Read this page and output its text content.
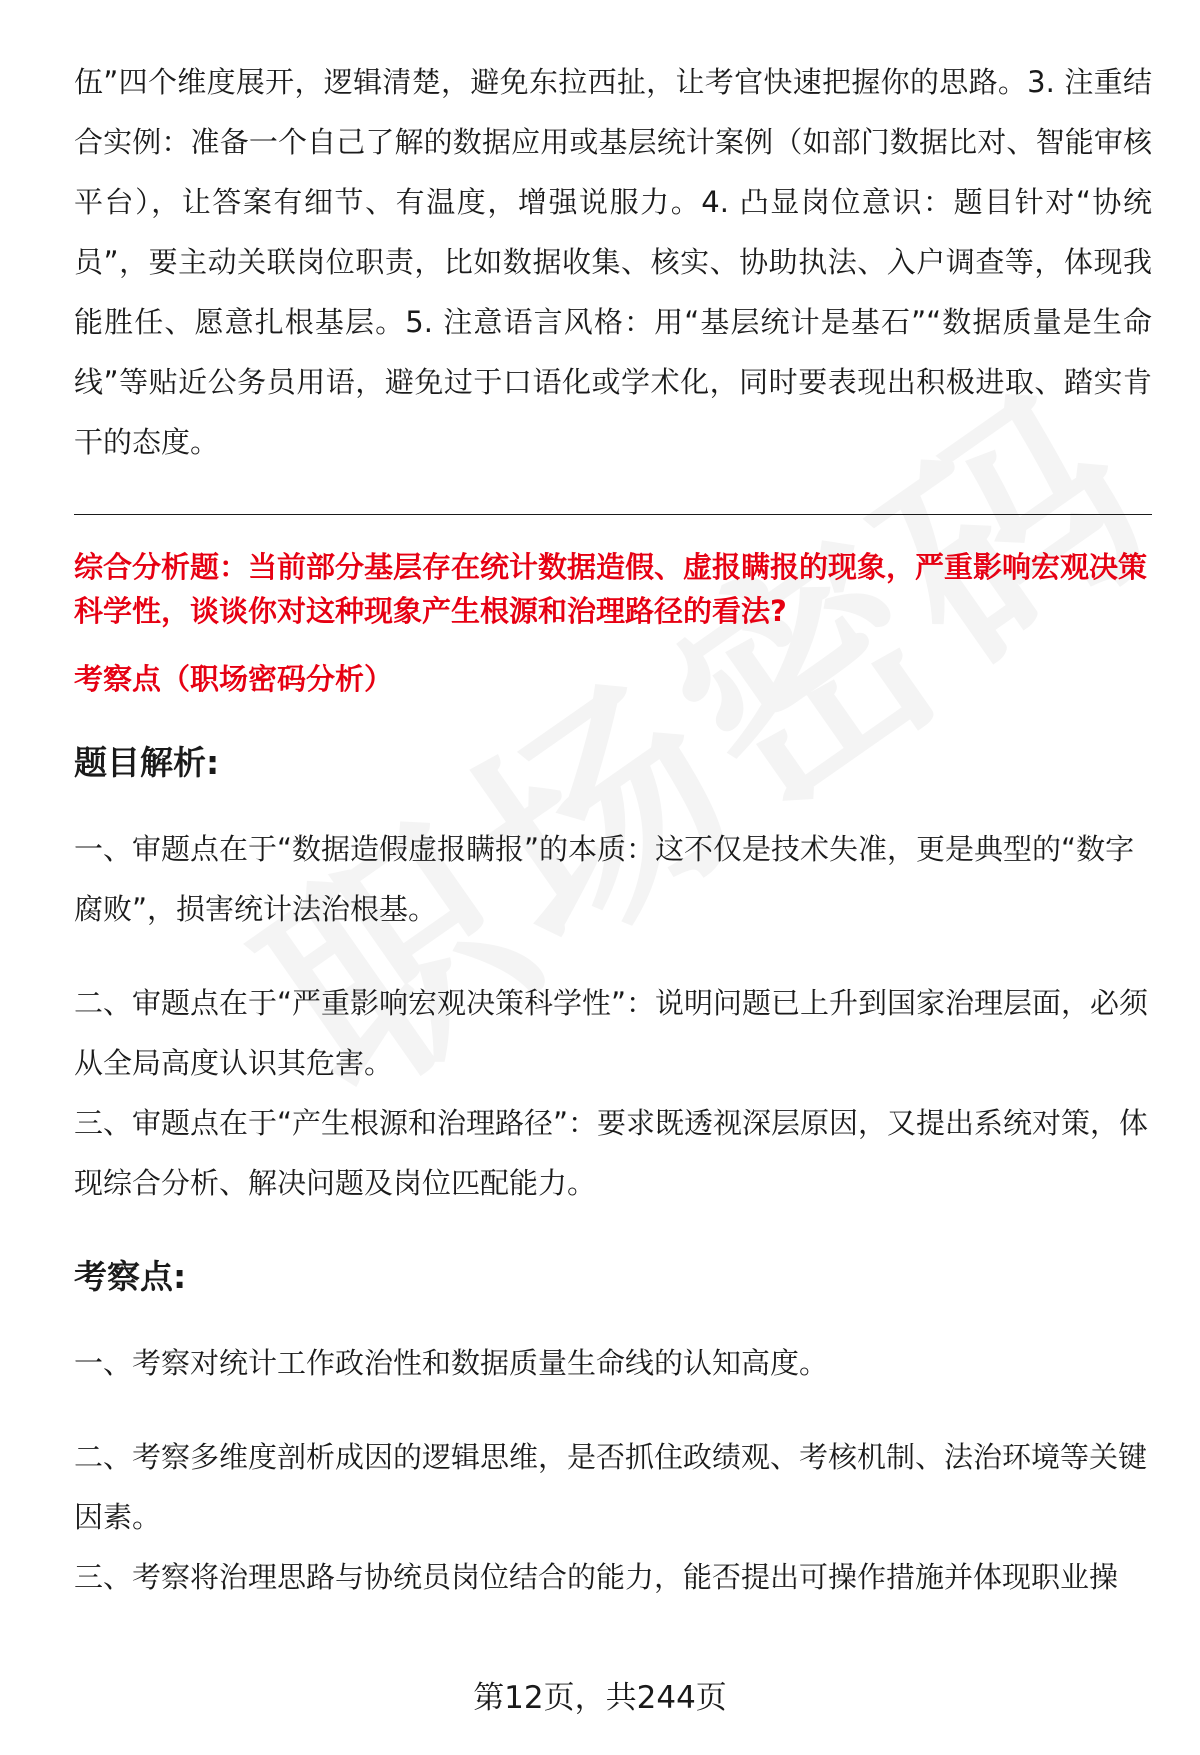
伍”四个维度展开，逻辑清楚，避免东拉西扯，让考官快速把握你的思路。3. 注重结合实例：准备一个自己了解的数据应用或基层统计案例（如部门数据比对、智能审核平台），让答案有细节、有温度，增强说服力。4. 凸显岗位意识：题目针对“协统员”，要主动关联岗位职责，比如数据收集、核实、协助执法、入户调查等，体现我能胜任、愿意扎根基层。5. 注意语言风格：用“基层统计是基石”“数据质量是生命线”等贴近公务员用语，避免过于口语化或学术化，同时要表现出积极进取、踏实肯干的态度。

综合分析题：当前部分基层存在统计数据造假、虚报瞒报的现象，严重影响宏观决策科学性，谈谈你对这种现象产生根源和治理路径的看法?

考察点（职场密码分析）

题目解析:

一、审题点在于“数据造假虚报瞒报”的本质：这不仅是技术失准，更是典型的“数字腐败”，损害统计法治根基。

二、审题点在于“严重影响宏观决策科学性”：说明问题已上升到国家治理层面，必须从全局高度认识其危害。

三、审题点在于“产生根源和治理路径”：要求既透视深层原因，又提出系统对策，体现综合分析、解决问题及岗位匹配能力。

考察点:

一、考察对统计工作政治性和数据质量生命线的认知高度。

二、考察多维度剖析成因的逻辑思维，是否抓住政绩观、考核机制、法治环境等关键因素。

三、考察将治理思路与协统员岗位结合的能力，能否提出可操作措施并体现职业操

第12页，共244页
